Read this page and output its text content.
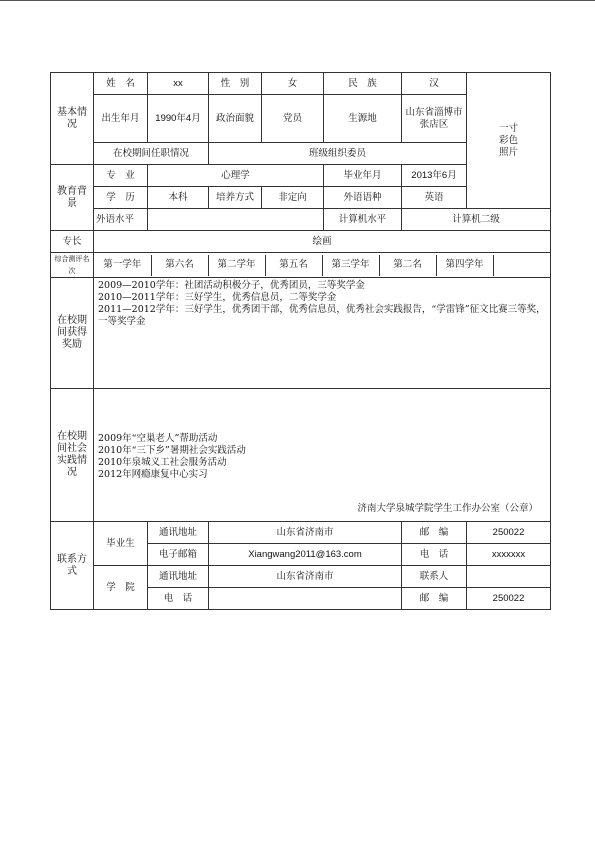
基本情况	姓　名	xx	性　别	女	民　族	汉	
一寸
彩色
照片

出生年月	1990年4月	政治面貌	党员	生源地	山东省淄博市张店区
在校期间任职情况	班级组织委员
教育背景	专　业	心理学	毕业年月	2013年6月
学　历	本科	培养方式	非定向	外语语种	英语
外语水平		计算机水平	计算机二级
专长	绘画
综合测评名次	
第一学年	第六名	第二学年	第五名	第三学年	第二名	第四学年	

在校期间获得奖励	
2009—2010学年：社团活动积极分子，优秀团员，三等奖学金
2010—2011学年：三好学生，优秀信息员，二等奖学金
2011—2012学年：三好学生，优秀团干部，优秀信息员，优秀社会实践报告，“学雷锋”征文比赛三等奖，一等奖学金

在校期间社会实践情况	
2009年“空巢老人”帮助活动
2010年“三下乡”暑期社会实践活动
2010年泉城义工社会服务活动
2012年网瘾康复中心实习
济南大学泉城学院学生工作办公室（公章）

联系方式	毕业生	通讯地址	山东省济南市	邮　编	250022
电子邮箱	Xiangwang2011@163.com	电　话	xxxxxxx
学　院	通讯地址	山东省济南市	联系人	
电　话		邮　编	250022
